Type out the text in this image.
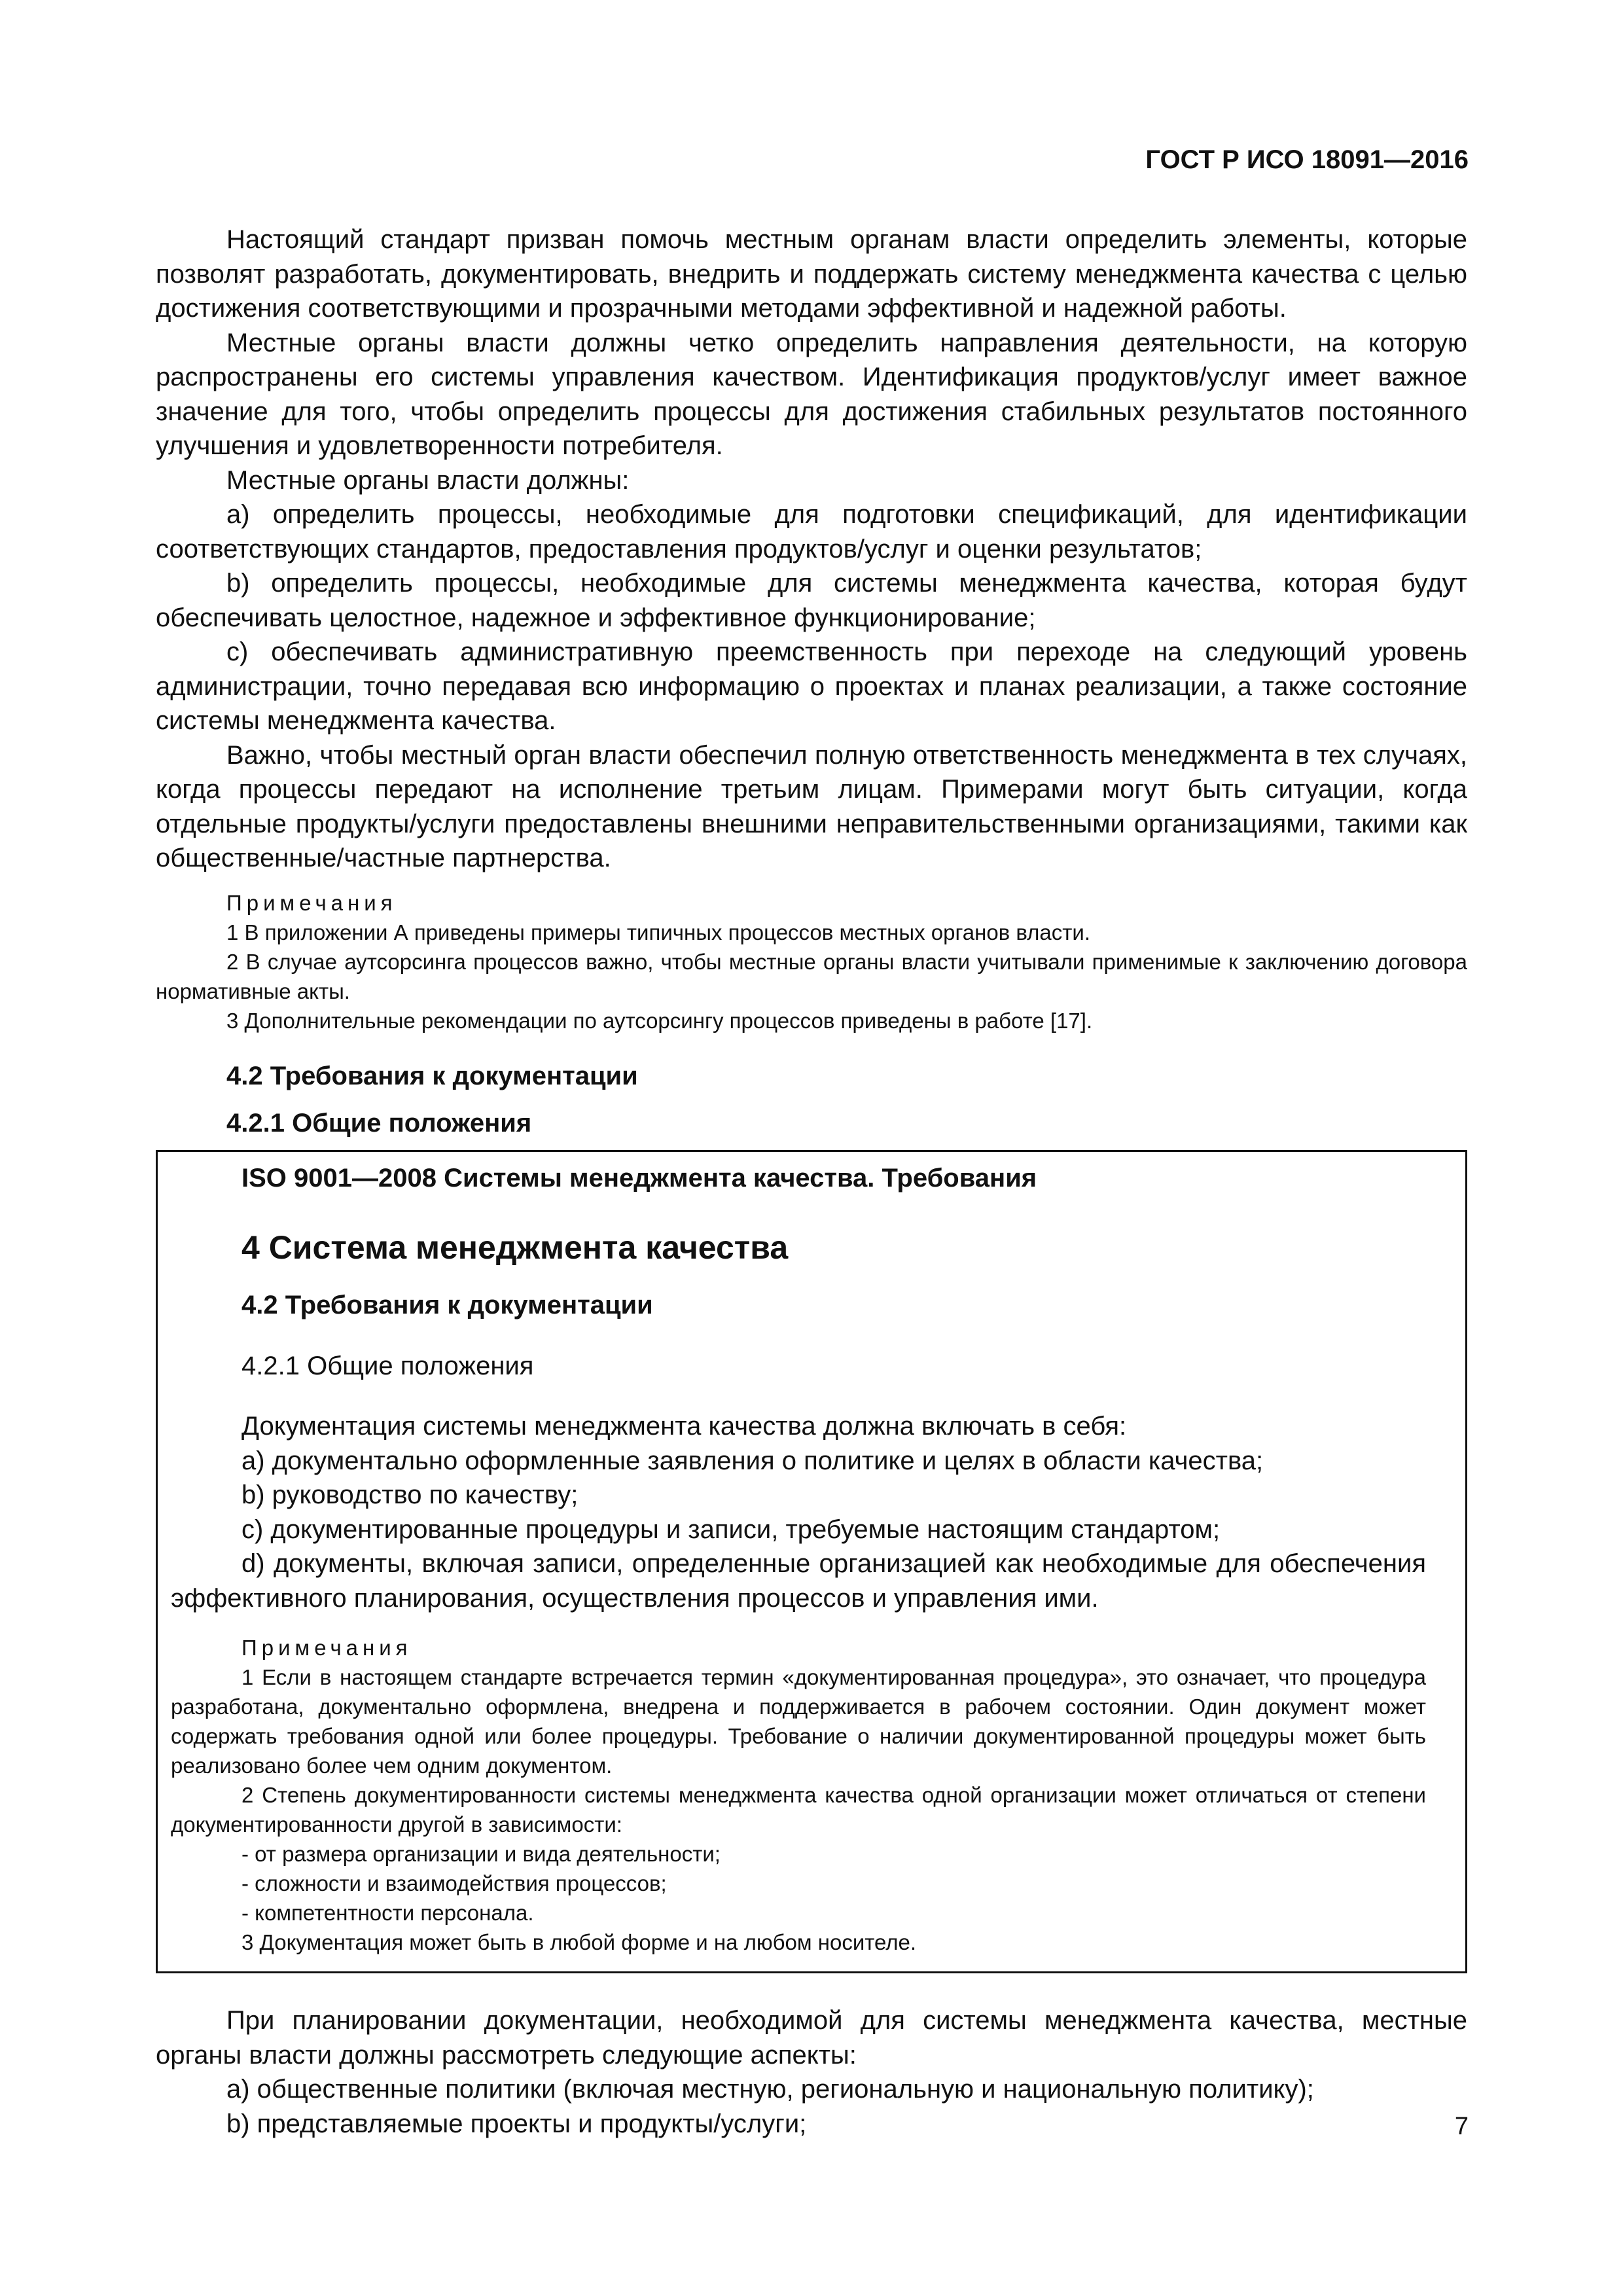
ГОСТ Р ИСО 18091—2016

Настоящий стандарт призван помочь местным органам власти определить элементы, которые позволят разработать, документировать, внедрить и поддержать систему менеджмента качества с целью достижения соответствующими и прозрачными методами эффективной и надежной работы.

Местные органы власти должны четко определить направления деятельности, на которую распространены его системы управления качеством. Идентификация продуктов/услуг имеет важное значение для того, чтобы определить процессы для достижения стабильных результатов постоянного улучшения и удовлетворенности потребителя.

Местные органы власти должны:

а) определить процессы, необходимые для подготовки спецификаций, для идентификации соответствующих стандартов, предоставления продуктов/услуг и оценки результатов;

b) определить процессы, необходимые для системы менеджмента качества, которая будут обеспечивать целостное, надежное и эффективное функционирование;

c) обеспечивать административную преемственность при переходе на следующий уровень администрации, точно передавая всю информацию о проектах и планах реализации, а также состояние системы менеджмента качества.

Важно, чтобы местный орган власти обеспечил полную ответственность менеджмента в тех случаях, когда процессы передают на исполнение третьим лицам. Примерами могут быть ситуации, когда отдельные продукты/услуги предоставлены внешними неправительственными организациями, такими как общественные/частные партнерства.

Примечания

1 В приложении А приведены примеры типичных процессов местных органов власти.

2 В случае аутсорсинга процессов важно, чтобы местные органы власти учитывали применимые к заключению договора нормативные акты.

3 Дополнительные рекомендации по аутсорсингу процессов приведены в работе [17].

4.2 Требования к документации

4.2.1 Общие положения

ISO 9001—2008 Системы менеджмента качества. Требования

4 Система менеджмента качества

4.2 Требования к документации

4.2.1 Общие положения

Документация системы менеджмента качества должна включать в себя:

a) документально оформленные заявления о политике и целях в области качества;

b) руководство по качеству;

c) документированные процедуры и записи, требуемые настоящим стандартом;

d) документы, включая записи, определенные организацией как необходимые для обеспечения эффективного планирования, осуществления процессов и управления ими.

Примечания

1 Если в настоящем стандарте встречается термин «документированная процедура», это означает, что процедура разработана, документально оформлена, внедрена и поддерживается в рабочем состоянии. Один документ может содержать требования одной или более процедуры. Требование о наличии документированной процедуры может быть реализовано более чем одним документом.

2 Степень документированности системы менеджмента качества одной организации может отличаться от степени документированности другой в зависимости:

- от размера организации и вида деятельности;

- сложности и взаимодействия процессов;

- компетентности персонала.

3 Документация может быть в любой форме и на любом носителе.

При планировании документации, необходимой для системы менеджмента качества, местные органы власти должны рассмотреть следующие аспекты:

a) общественные политики (включая местную, региональную и национальную политику);

b) представляемые проекты и продукты/услуги;	7
